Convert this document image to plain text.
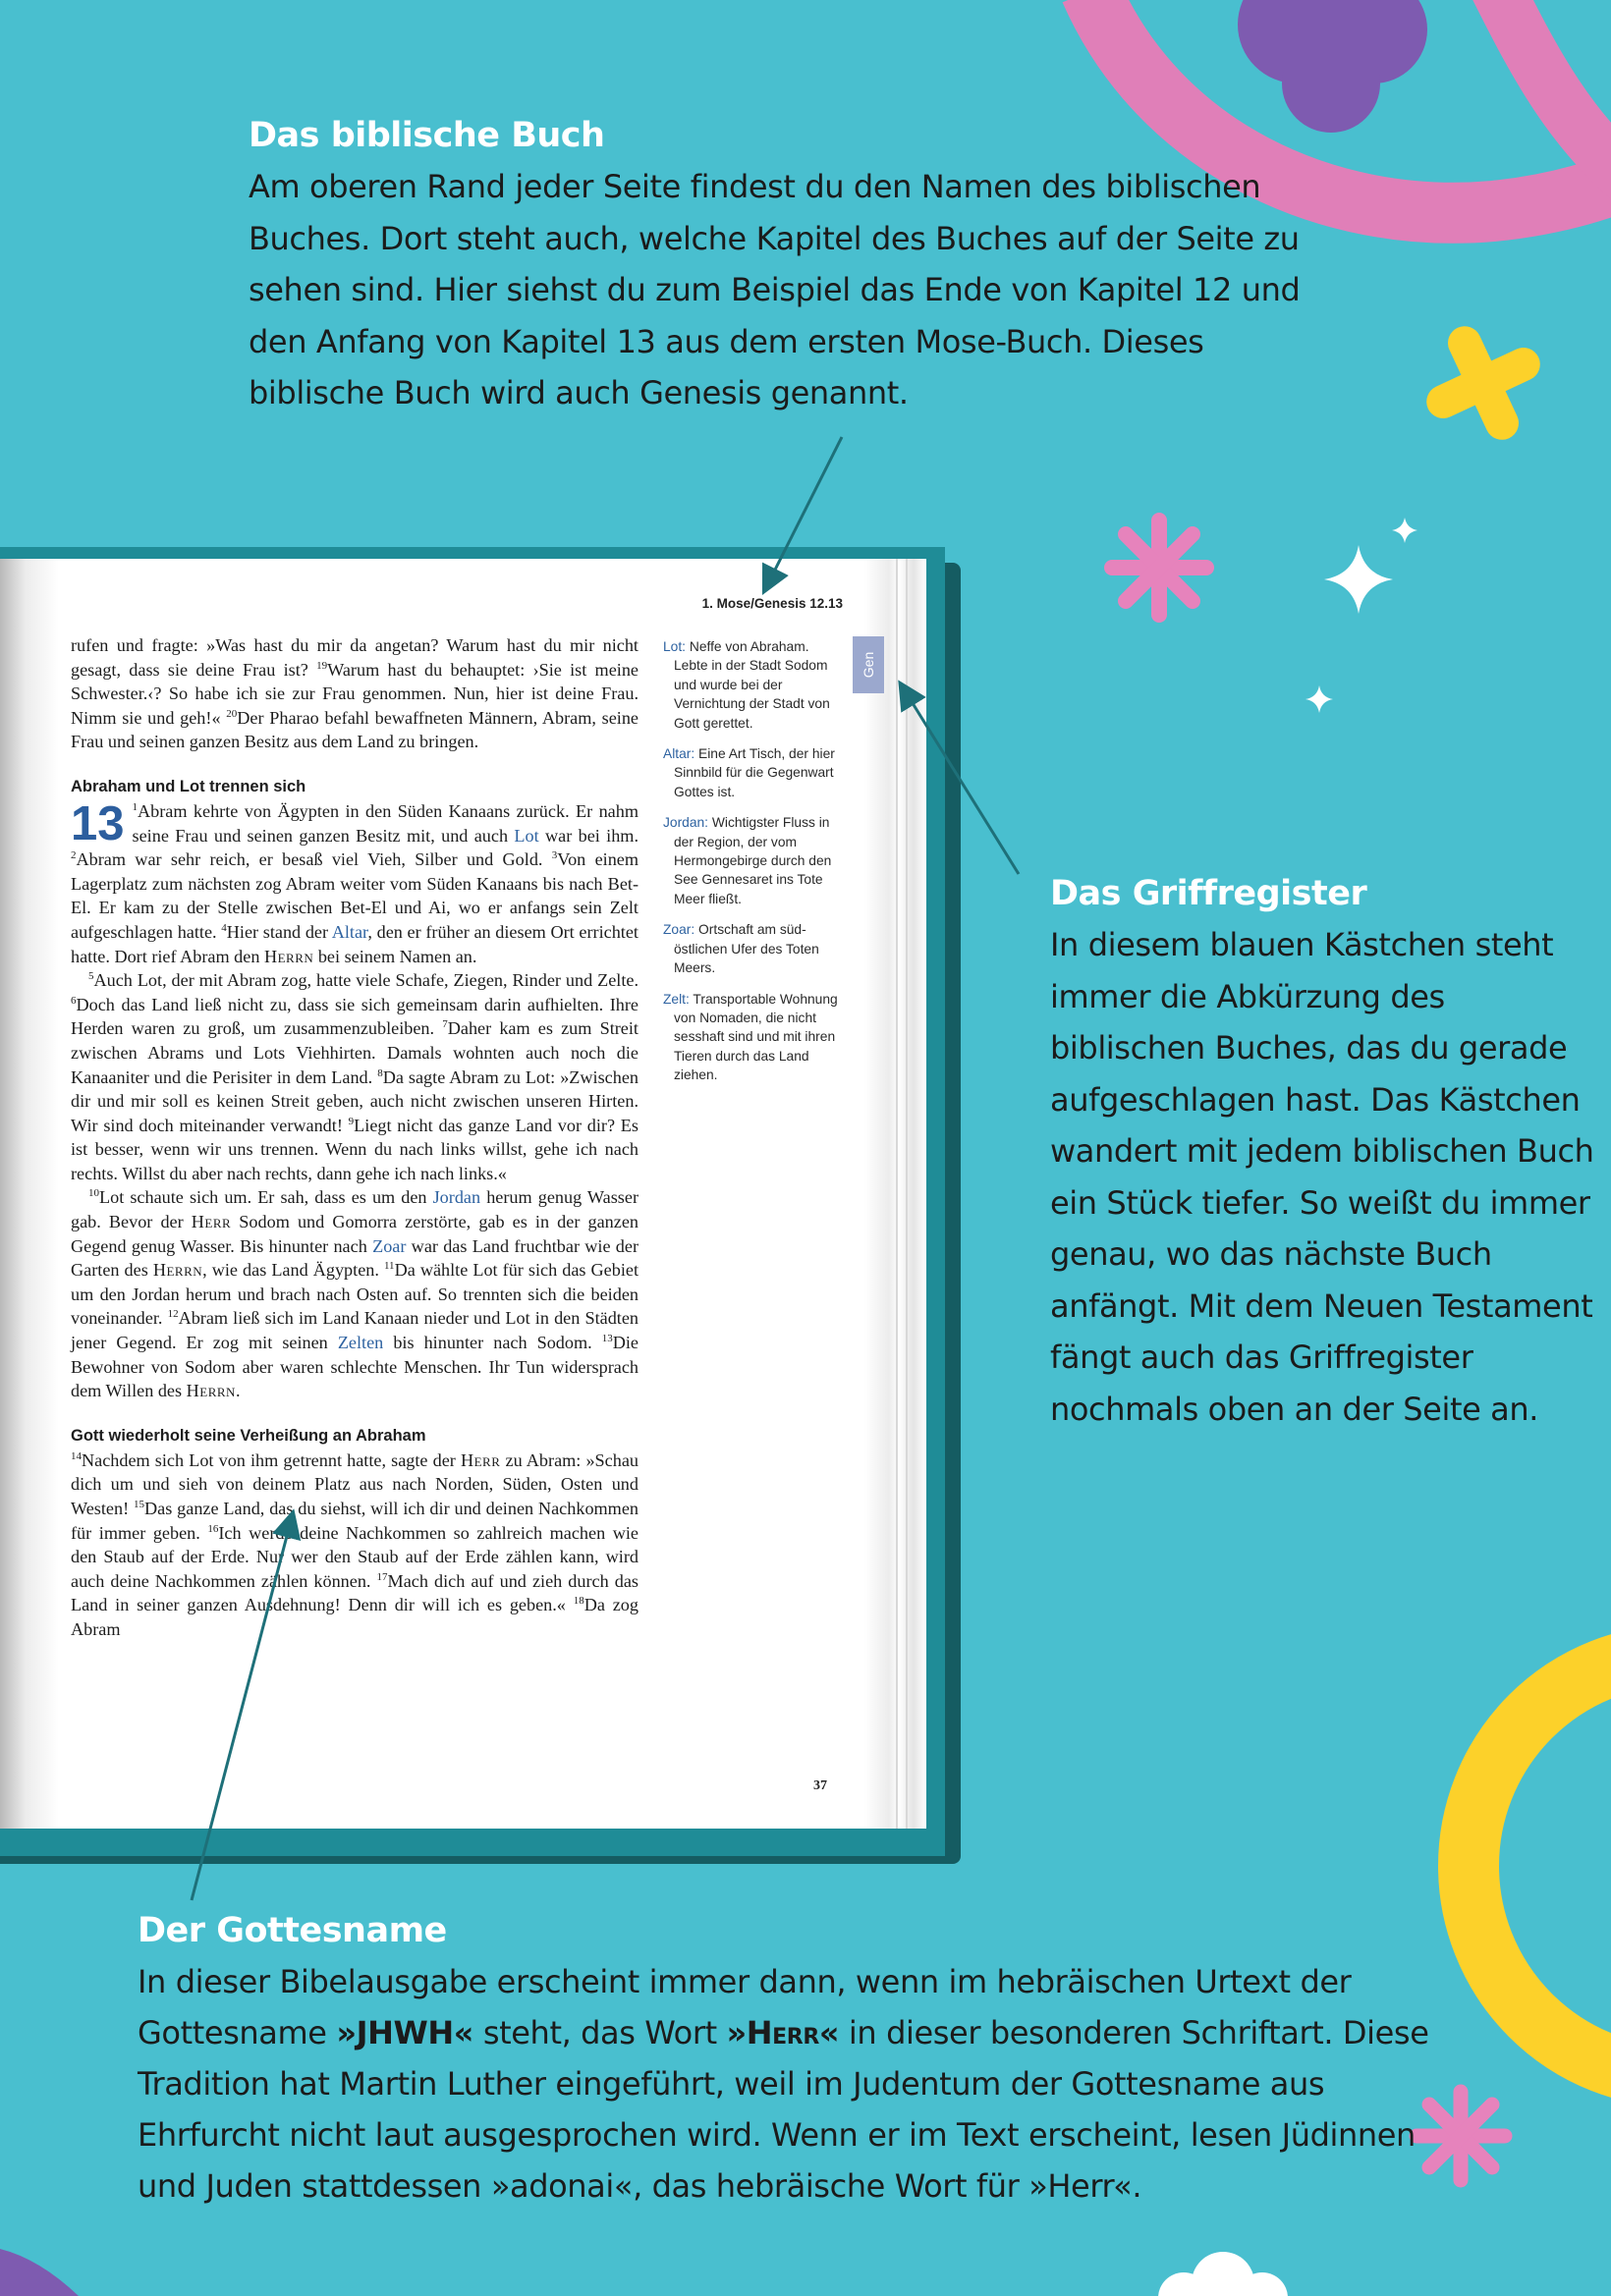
Das biblische Buch

Am oberen Rand jeder Seite findest du den Namen des biblischen Buches. Dort steht auch, welche Kapitel des Buches auf der Seite zu sehen sind. Hier siehst du zum Beispiel das Ende von Kapitel 12 und den Anfang von Kapitel 13 aus dem ersten Mose-Buch. Dieses biblische Buch wird auch Genesis genannt.

1. Mose/Genesis 12.13
Gen

rufen und fragte: »Was hast du mir da angetan? Warum hast du mir nicht gesagt, dass sie deine Frau ist? $^{19}$Warum hast du behauptet: ›Sie ist meine Schwester.‹? So habe ich sie zur Frau genommen. Nun, hier ist deine Frau. Nimm sie und geh!« $^{20}$Der Pharao befahl bewaffneten Männern, Abram, seine Frau und seinen ganzen Besitz aus dem Land zu bringen.

Abraham und Lot trennen sich

13 $^1$Abram kehrte von Ägypten in den Süden Kanaans zurück. Er nahm seine Frau und seinen ganzen Besitz mit, und auch Lot war bei ihm. $^2$Abram war sehr reich, er besaß viel Vieh, Silber und Gold. $^3$Von einem Lagerplatz zum nächsten zog Abram weiter vom Süden Kanaans bis nach Bet-El. Er kam zu der Stelle zwischen Bet-El und Ai, wo er anfangs sein Zelt aufgeschlagen hatte. $^4$Hier stand der Altar, den er früher an diesem Ort errichtet hatte. Dort rief Abram den Herrn bei seinem Namen an.

$^5$Auch Lot, der mit Abram zog, hatte viele Schafe, Ziegen, Rinder und Zelte. $^6$Doch das Land ließ nicht zu, dass sie sich gemeinsam darin aufhielten. Ihre Herden waren zu groß, um zusammenzubleiben. $^7$Daher kam es zum Streit zwischen Abrams und Lots Viehhirten. Damals wohnten auch noch die Kanaaniter und die Perisiter in dem Land. $^8$Da sagte Abram zu Lot: »Zwischen dir und mir soll es keinen Streit geben, auch nicht zwischen unseren Hirten. Wir sind doch miteinander verwandt! $^9$Liegt nicht das ganze Land vor dir? Es ist besser, wenn wir uns trennen. Wenn du nach links willst, gehe ich nach rechts. Willst du aber nach rechts, dann gehe ich nach links.«

$^{10}$Lot schaute sich um. Er sah, dass es um den Jordan herum genug Wasser gab. Bevor der Herr Sodom und Gomorra zerstörte, gab es in der ganzen Gegend genug Wasser. Bis hinunter nach Zoar war das Land fruchtbar wie der Garten des Herrn, wie das Land Ägypten. $^{11}$Da wählte Lot für sich das Gebiet um den Jordan herum und brach nach Osten auf. So trennten sich die beiden voneinander. $^{12}$Abram ließ sich im Land Kanaan nieder und Lot in den Städten jener Gegend. Er zog mit seinen Zelten bis hinunter nach Sodom. $^{13}$Die Bewohner von Sodom aber waren schlechte Menschen. Ihr Tun widersprach dem Willen des Herrn.

Gott wiederholt seine Verheißung an Abraham

$^{14}$Nachdem sich Lot von ihm getrennt hatte, sagte der Herr zu Abram: »Schau dich um und sieh von deinem Platz aus nach Norden, Süden, Osten und Westen! $^{15}$Das ganze Land, das du siehst, will ich dir und deinen Nachkommen für immer geben. $^{16}$Ich werde deine Nachkommen so zahlreich machen wie den Staub auf der Erde. Nur wer den Staub auf der Erde zählen kann, wird auch deine Nachkommen zählen können. $^{17}$Mach dich auf und zieh durch das Land in seiner ganzen Ausdehnung! Denn dir will ich es geben.« $^{18}$Da zog Abram

Lot: Neffe von Abraham. Lebte in der Stadt Sodom und wurde bei der Vernichtung der Stadt von Gott gerettet.
Altar: Eine Art Tisch, der hier Sinnbild für die Gegenwart Gottes ist.
Jordan: Wichtigster Fluss in der Region, der vom Hermongebirge durch den See Gennesaret ins Tote Meer fließt.
Zoar: Ortschaft am süd-östlichen Ufer des Toten Meers.
Zelt: Transportable Wohnung von Nomaden, die nicht sesshaft sind und mit ihren Tieren durch das Land ziehen.
37
Das Griffregister

In diesem blauen Kästchen steht immer die Abkürzung des biblischen Buches, das du gerade aufgeschlagen hast. Das Kästchen wandert mit jedem biblischen Buch ein Stück tiefer. So weißt du immer genau, wo das nächste Buch anfängt. Mit dem Neuen Testament fängt auch das Griffregister nochmals oben an der Seite an.

Der Gottesname

In dieser Bibelausgabe erscheint immer dann, wenn im hebräischen Urtext der Gottesname »JHWH« steht, das Wort »Herr« in dieser besonderen Schriftart. Diese Tradition hat Martin Luther eingeführt, weil im Judentum der Gottesname aus Ehrfurcht nicht laut ausgesprochen wird. Wenn er im Text erscheint, lesen Jüdinnen und Juden stattdessen »adonai«, das hebräische Wort für »Herr«.
